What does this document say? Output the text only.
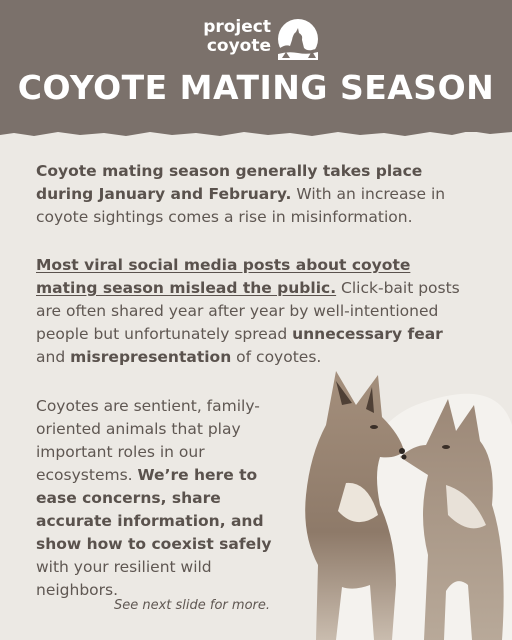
project
coyote
COYOTE MATING SEASON

Coyote mating season generally takes place during January and February. With an increase in coyote sightings comes a rise in misinformation.

Most viral social media posts about coyote mating season mislead the public. Click-bait posts are often shared year after year by well-intentioned people but unfortunately spread unnecessary fear and misrepresentation of coyotes.

Coyotes are sentient, family-oriented animals that play important roles in our ecosystems. We’re here to ease concerns, share accurate information, and show how to coexist safely with your resilient wild neighbors.

See next slide for more.
